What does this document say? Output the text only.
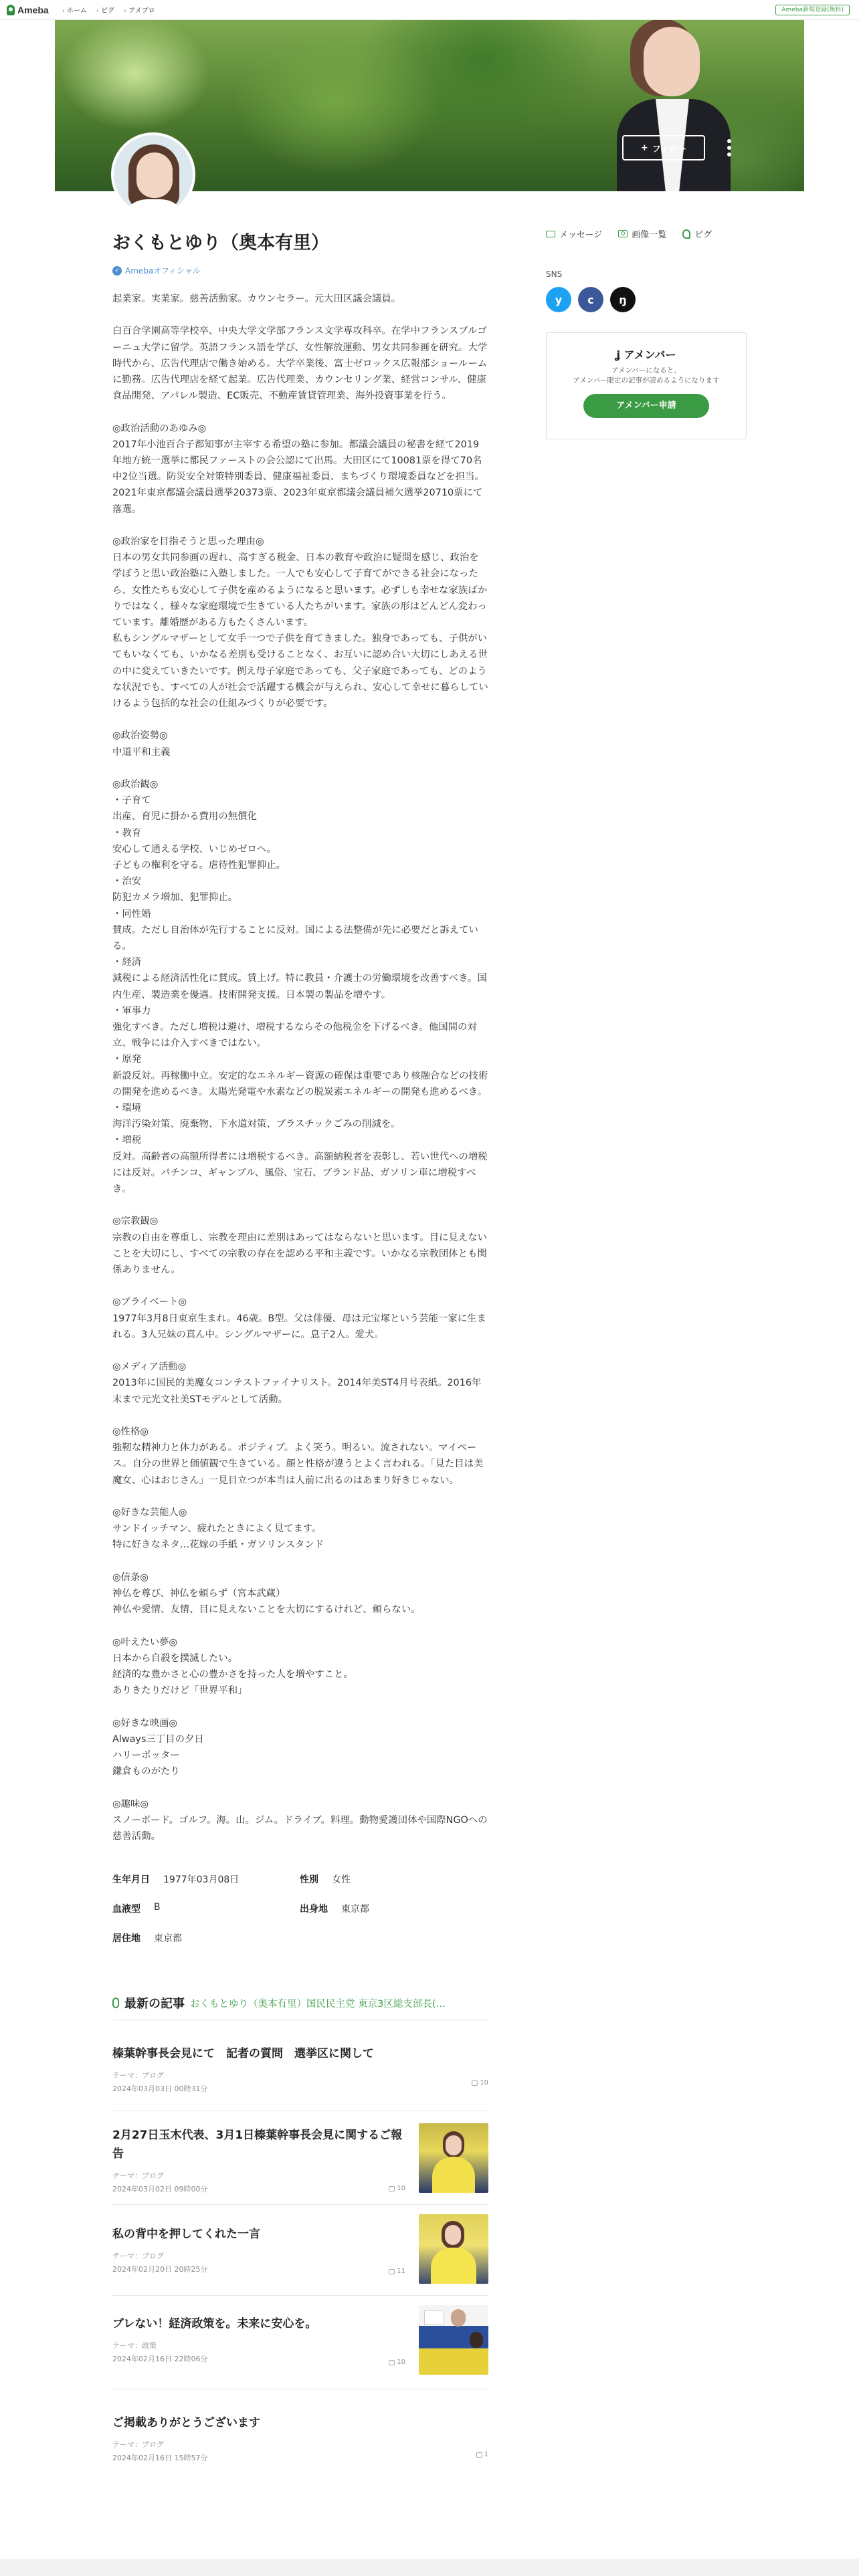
Ameba	› ホーム	› ピグ	› アメブロ	Ameba新規登録(無料)
+ フォロー
おくもとゆり（奥本有里）
✓ Amebaオフィシャル

起業家。実業家。慈善活動家。カウンセラー。元大田区議会議員。

白百合学園高等学校卒、中央大学文学部フランス文学専攻科卒。在学中フランスブルゴーニュ大学に留学。英語フランス語を学び、女性解放運動、男女共同参画を研究。大学時代から、広告代理店で働き始める。大学卒業後、富士ゼロックス広報部ショールームに勤務。広告代理店を経て起業。広告代理業、カウンセリング業、経営コンサル、健康食品開発、アパレル製造、EC販売、不動産賃貸管理業、海外投資事業を行う。

◎政治活動のあゆみ◎
2017年小池百合子都知事が主宰する希望の塾に参加。都議会議員の秘書を経て2019年地方統一選挙に都民ファーストの会公認にて出馬。大田区にて10081票を得て70名中2位当選。防災安全対策特別委員、健康福祉委員、まちづくり環境委員などを担当。2021年東京都議会議員選挙20373票、2023年東京都議会議員補欠選挙20710票にて落選。

◎政治家を目指そうと思った理由◎
日本の男女共同参画の遅れ、高すぎる税金、日本の教育や政治に疑問を感じ、政治を学ぼうと思い政治塾に入塾しました。一人でも安心して子育てができる社会になったら、女性たちも安心して子供を産めるようになると思います。必ずしも幸せな家族ばかりではなく、様々な家庭環境で生きている人たちがいます。家族の形はどんどん変わっています。離婚歴がある方もたくさんいます。
私もシングルマザーとして女手一つで子供を育てきました。独身であっても、子供がいてもいなくても、いかなる差別も受けることなく、お互いに認め合い大切にしあえる世の中に変えていきたいです。例え母子家庭であっても、父子家庭であっても、どのような状況でも、すべての人が社会で活躍する機会が与えられ、安心して幸せに暮らしていけるよう包括的な社会の仕組みづくりが必要です。

◎政治姿勢◎
中道平和主義

◎政治観◎
・子育て
出産、育児に掛かる費用の無償化
・教育
安心して通える学校、いじめゼロへ。
子どもの権利を守る。虐待性犯罪抑止。
・治安
防犯カメラ増加、犯罪抑止。
・同性婚
賛成。ただし自治体が先行することに反対。国による法整備が先に必要だと訴えている。
・経済
減税による経済活性化に賛成。賃上げ。特に教員・介護士の労働環境を改善すべき。国内生産、製造業を優遇。技術開発支援。日本製の製品を増やす。
・軍事力
強化すべき。ただし増税は避け、増税するならその他税金を下げるべき。他国間の対立、戦争には介入すべきではない。
・原発
新設反対。再稼働中立。安定的なエネルギー資源の確保は重要であり核融合などの技術の開発を進めるべき。太陽光発電や水素などの脱炭素エネルギーの開発も進めるべき。
・環境
海洋汚染対策、廃棄物、下水道対策、プラスチックごみの削減を。
・増税
反対。高齢者の高額所得者には増税するべき。高額納税者を表彰し、若い世代への増税には反対。パチンコ、ギャンブル、風俗、宝石、ブランド品、ガソリン車に増税すべき。

◎宗教観◎
宗教の自由を尊重し、宗教を理由に差別はあってはならないと思います。目に見えないことを大切にし、すべての宗教の存在を認める平和主義です。いかなる宗教団体とも関係ありません。

◎プライベート◎
1977年3月8日東京生まれ。46歳。B型。父は俳優、母は元宝塚という芸能一家に生まれる。3人兄妹の真ん中。シングルマザーに。息子2人。愛犬。

◎メディア活動◎
2013年に国民的美魔女コンテストファイナリスト。2014年美ST4月号表紙。2016年末まで元光文社美STモデルとして活動。

◎性格◎
強靭な精神力と体力がある。ポジティブ。よく笑う。明るい。流されない。マイペース。自分の世界と価値観で生きている。顔と性格が違うとよく言われる。「見た目は美魔女、心はおじさん」一見目立つが本当は人前に出るのはあまり好きじゃない。

◎好きな芸能人◎
サンドイッチマン、疲れたときによく見てます。
特に好きなネタ…花嫁の手紙・ガソリンスタンド

◎信条◎
神仏を尊び、神仏を頼らず（宮本武蔵）
神仏や愛情、友情、目に見えないことを大切にするけれど、頼らない。

◎叶えたい夢◎
日本から自殺を撲滅したい。
経済的な豊かさと心の豊かさを持った人を増やすこと。
ありきたりだけど「世界平和」

◎好きな映画◎
Always三丁目の夕日
ハリーポッター
鎌倉ものがたり

◎趣味◎
スノーボード。ゴルフ。海。山。ジム。ドライブ。料理。動物愛護団体や国際NGOへの慈善活動。

生年月日 1977年03月08日	性別 女性
血液型 B	出身地 東京都
居住地 東京都
最新の記事 おくもとゆり（奥本有里）国民民主党 東京3区総支部長(…
榛葉幹事長会見にて　記者の質問　選挙区に関して
テーマ：ブログ
2024年03月03日 00時31分
10
2月27日玉木代表、3月1日榛葉幹事長会見に関するご報告
テーマ：ブログ
2024年03月02日 09時00分	10
私の背中を押してくれた一言
テーマ：ブログ
2024年02月20日 20時25分	11
ブレない！経済政策を。未来に安心を。
テーマ：政策
2024年02月16日 22時06分	10
ご掲載ありがとうございます
テーマ：ブログ
2024年02月16日 15時57分	1
メッセージ	画像一覧	ピグ
SNS
y	c	ŋ
ʝ アメンバー
アメンバーになると、
アメンバー限定の記事が読めるようになります
アメンバー申請
